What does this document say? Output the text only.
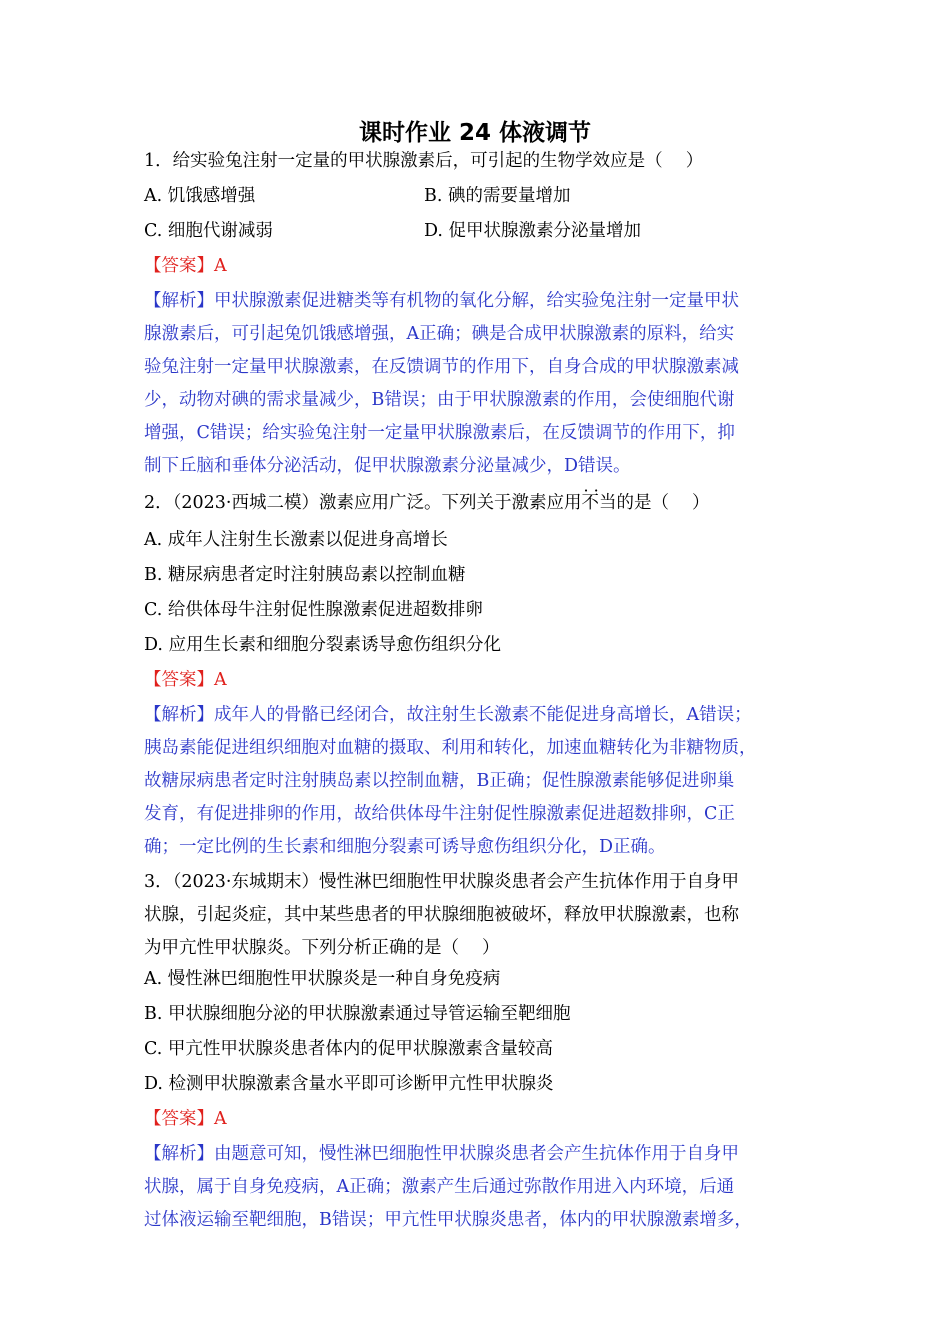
课时作业 24 体液调节
1．给实验兔注射一定量的甲状腺激素后，可引起的生物学效应是（　 ）
A. 饥饿感增强	B. 碘的需要量增加
C. 细胞代谢减弱	D. 促甲状腺激素分泌量增加
【答案】A
【解析】甲状腺激素促进糖类等有机物的氧化分解，给实验兔注射一定量甲状
腺激素后，可引起兔饥饿感增强，A正确；碘是合成甲状腺激素的原料，给实
验兔注射一定量甲状腺激素，在反馈调节的作用下，自身合成的甲状腺激素减
少，动物对碘的需求量减少，B错误；由于甲状腺激素的作用，会使细胞代谢
增强，C错误；给实验兔注射一定量甲状腺激素后，在反馈调节的作用下，抑
制下丘脑和垂体分泌活动，促甲状腺激素分泌量减少，D错误。
2．（2023·西城二模）激素应用广泛。下列关于激素应用不当 · ·的是（　 ）
A. 成年人注射生长激素以促进身高增长
B. 糖尿病患者定时注射胰岛素以控制血糖
C. 给供体母牛注射促性腺激素促进超数排卵
D. 应用生长素和细胞分裂素诱导愈伤组织分化
【答案】A
【解析】成年人的骨骼已经闭合，故注射生长激素不能促进身高增长，A错误；
胰岛素能促进组织细胞对血糖的摄取、利用和转化，加速血糖转化为非糖物质，
故糖尿病患者定时注射胰岛素以控制血糖，B正确；促性腺激素能够促进卵巢
发育，有促进排卵的作用，故给供体母牛注射促性腺激素促进超数排卵，C正
确；一定比例的生长素和细胞分裂素可诱导愈伤组织分化，D正确。
3．（2023·东城期末）慢性淋巴细胞性甲状腺炎患者会产生抗体作用于自身甲
状腺，引起炎症，其中某些患者的甲状腺细胞被破坏，释放甲状腺激素，也称
为甲亢性甲状腺炎。下列分析正确的是（　 ）
A. 慢性淋巴细胞性甲状腺炎是一种自身免疫病
B. 甲状腺细胞分泌的甲状腺激素通过导管运输至靶细胞
C. 甲亢性甲状腺炎患者体内的促甲状腺激素含量较高
D. 检测甲状腺激素含量水平即可诊断甲亢性甲状腺炎
【答案】A
【解析】由题意可知，慢性淋巴细胞性甲状腺炎患者会产生抗体作用于自身甲
状腺，属于自身免疫病，A正确；激素产生后通过弥散作用进入内环境，后通
过体液运输至靶细胞，B错误；甲亢性甲状腺炎患者，体内的甲状腺激素增多，
